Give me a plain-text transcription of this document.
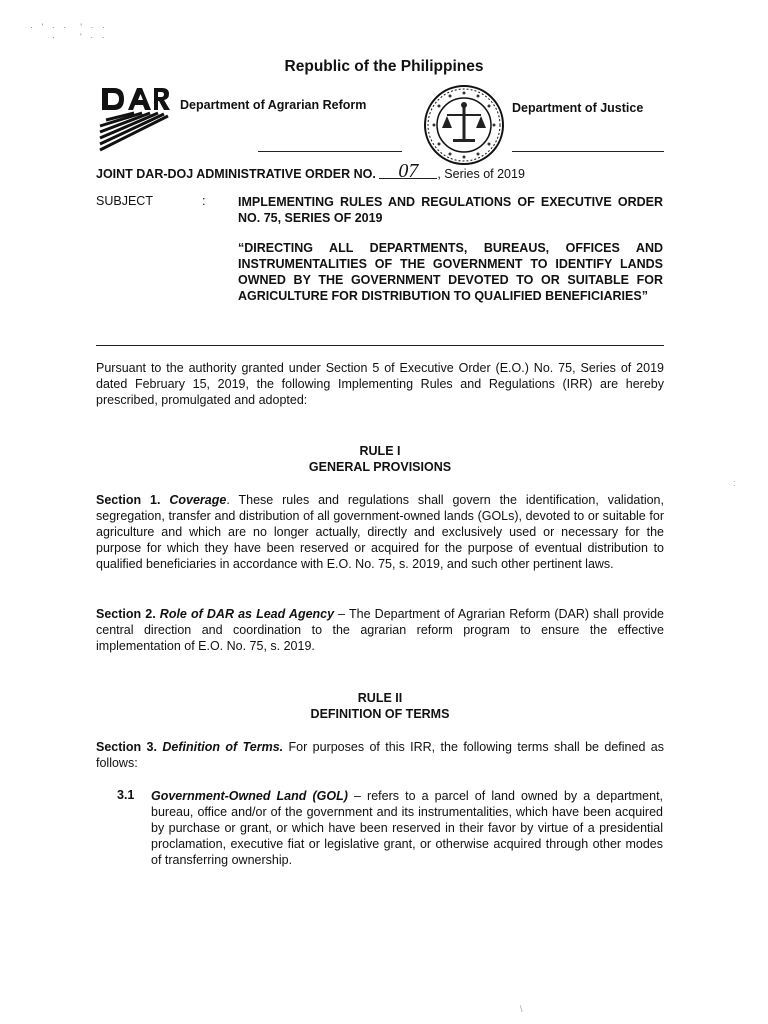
· ' · ·  ' · ·
·    ' · ·
Republic of the Philippines
Department of Agrarian Reform	Department of Justice
JOINT DAR-DOJ ADMINISTRATIVE ORDER NO. 07 , Series of 2019
SUBJECT	:	IMPLEMENTING RULES AND REGULATIONS OF EXECUTIVE ORDER NO. 75, SERIES OF 2019

“DIRECTING ALL DEPARTMENTS, BUREAUS, OFFICES AND INSTRUMENTALITIES OF THE GOVERNMENT TO IDENTIFY LANDS OWNED BY THE GOVERNMENT DEVOTED TO OR SUITABLE FOR AGRICULTURE FOR DISTRIBUTION TO QUALIFIED BENEFICIARIES”

Pursuant to the authority granted under Section 5 of Executive Order (E.O.) No. 75, Series of 2019 dated February 15, 2019, the following Implementing Rules and Regulations (IRR) are hereby prescribed, promulgated and adopted:
RULE I
GENERAL PROVISIONS
Section 1. Coverage. These rules and regulations shall govern the identification, validation, segregation, transfer and distribution of all government-owned lands (GOLs), devoted to or suitable for agriculture and which are no longer actually, directly and exclusively used or necessary for the purpose for which they have been reserved or acquired for the purpose of eventual distribution to qualified beneficiaries in accordance with E.O. No. 75, s. 2019, and such other pertinent laws.
Section 2. Role of DAR as Lead Agency – The Department of Agrarian Reform (DAR) shall provide central direction and coordination to the agrarian reform program to ensure the effective implementation of E.O. No. 75, s. 2019.
RULE II
DEFINITION OF TERMS
Section 3. Definition of Terms. For purposes of this IRR, the following terms shall be defined as follows:
3.1 Government-Owned Land (GOL) – refers to a parcel of land owned by a department, bureau, office and/or of the government and its instrumentalities, which have been acquired by purchase or grant, or which have been reserved in their favor by virtue of a presidential proclamation, executive fiat or legislative grant, or otherwise acquired through other modes of transferring ownership.
:
\
